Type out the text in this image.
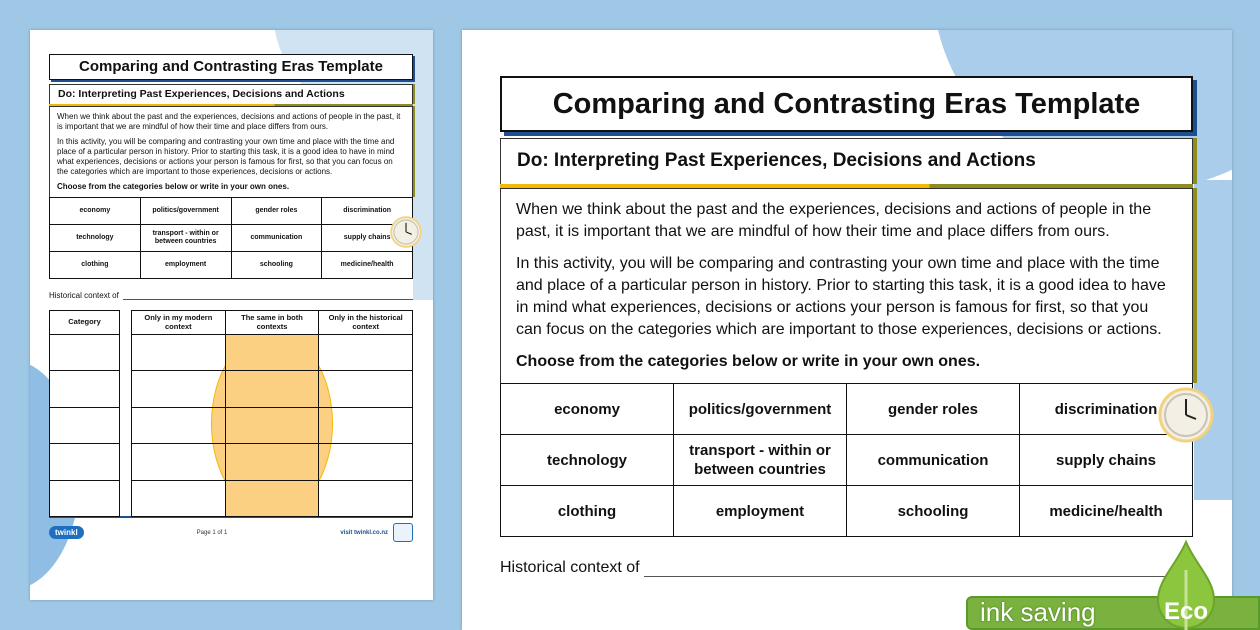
Comparing and Contrasting Eras Template
Do: Interpreting Past Experiences, Decisions and Actions

When we think about the past and the experiences, decisions and actions of people in the past, it is important that we are mindful of how their time and place differs from ours.

In this activity, you will be comparing and contrasting your own time and place with the time and place of a particular person in history. Prior to starting this task, it is a good idea to have in mind what experiences, decisions or actions your person is famous for first, so that you can focus on the categories which are important to those experiences, decisions or actions.

Choose from the categories below or write in your own ones.

economy	politics/government	gender roles	discrimination
technology	transport - within or between countries	communication	supply chains
clothing	employment	schooling	medicine/health
Historical context of
Category	Only in my modern context	The same in both contexts	Only in the historical context

twinkl	Page 1 of 1	visit twinkl.co.nz
Comparing and Contrasting Eras Template
Do: Interpreting Past Experiences, Decisions and Actions

When we think about the past and the experiences, decisions and actions of people in the past, it is important that we are mindful of how their time and place differs from ours.

In this activity, you will be comparing and contrasting your own time and place with the time and place of a particular person in history. Prior to starting this task, it is a good idea to have in mind what experiences, decisions or actions your person is famous for first, so that you can focus on the categories which are important to those experiences, decisions or actions.

Choose from the categories below or write in your own ones.

economy	politics/government	gender roles	discrimination
technology	transport - within or between countries	communication	supply chains
clothing	employment	schooling	medicine/health
Historical context of
ink saving	Eco
